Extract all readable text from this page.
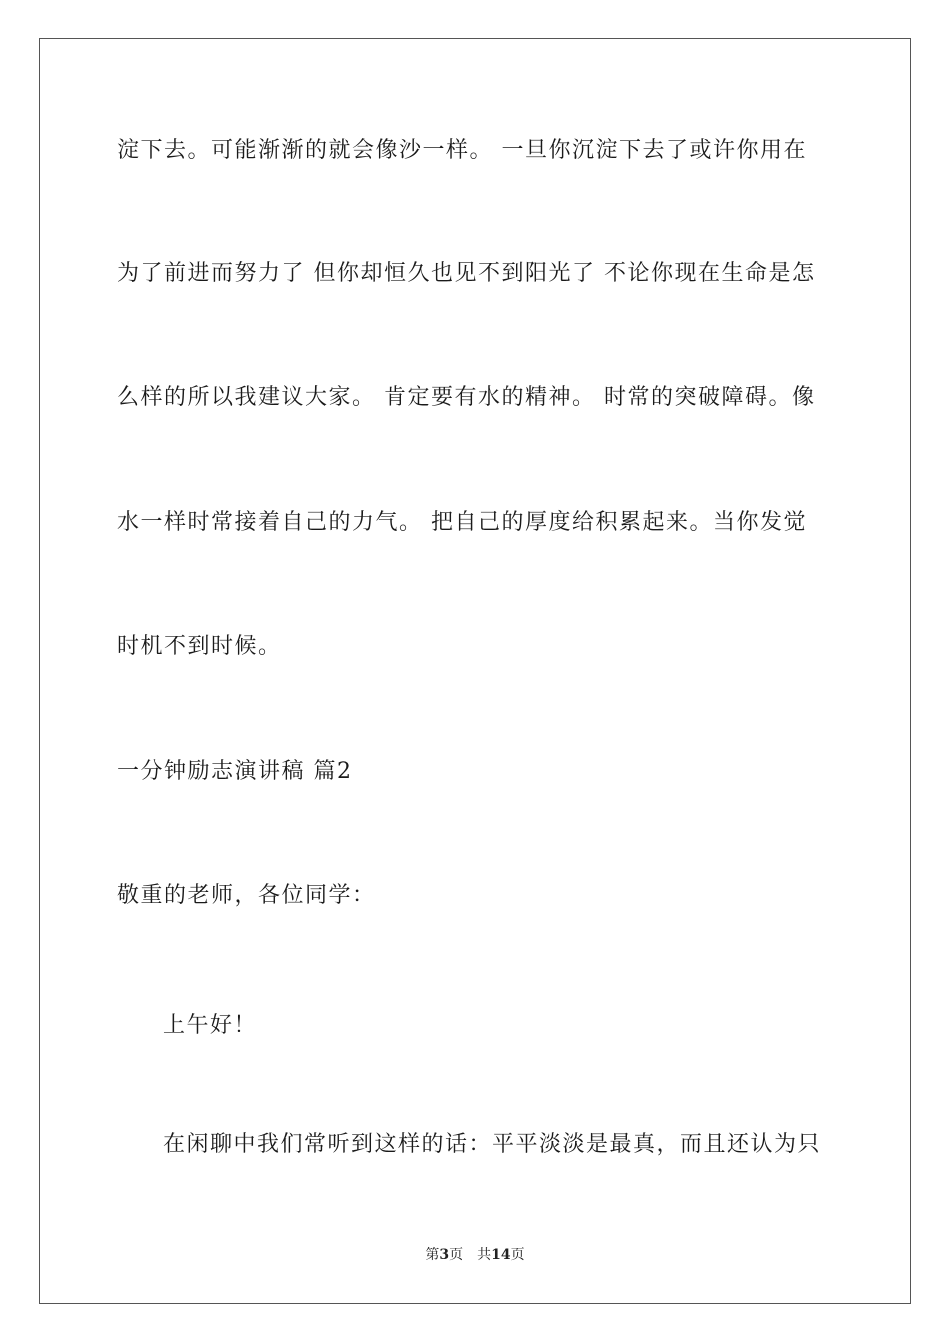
淀下去。可能渐渐的就会像沙一样。 一旦你沉淀下去了或许你用在
为了前进而努力了 但你却恒久也见不到阳光了 不论你现在生命是怎
么样的所以我建议大家。 肯定要有水的精神。 时常的突破障碍。像
水一样时常接着自己的力气。 把自己的厚度给积累起来。当你发觉
时机不到时候。
一分钟励志演讲稿 篇2
敬重的老师，各位同学：
上午好！
在闲聊中我们常听到这样的话：平平淡淡是最真，而且还认为只
第3页 共14页
